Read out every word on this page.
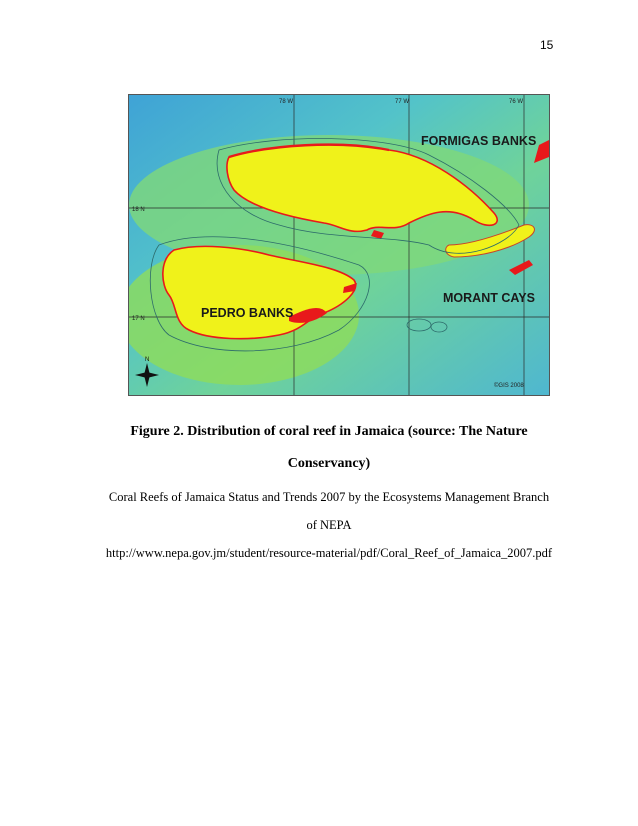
15
78 W	77 W	76 W
18 N
17 N
FORMIGAS BANKS
MORANT CAYS
PEDRO BANKS
©GIS 2008
N
Figure 2. Distribution of coral reef in Jamaica (source: The Nature
Conservancy)
Coral Reefs of Jamaica Status and Trends 2007 by the Ecosystems Management Branch
of NEPA
http://www.nepa.gov.jm/student/resource-material/pdf/Coral_Reef_of_Jamaica_2007.pdf
